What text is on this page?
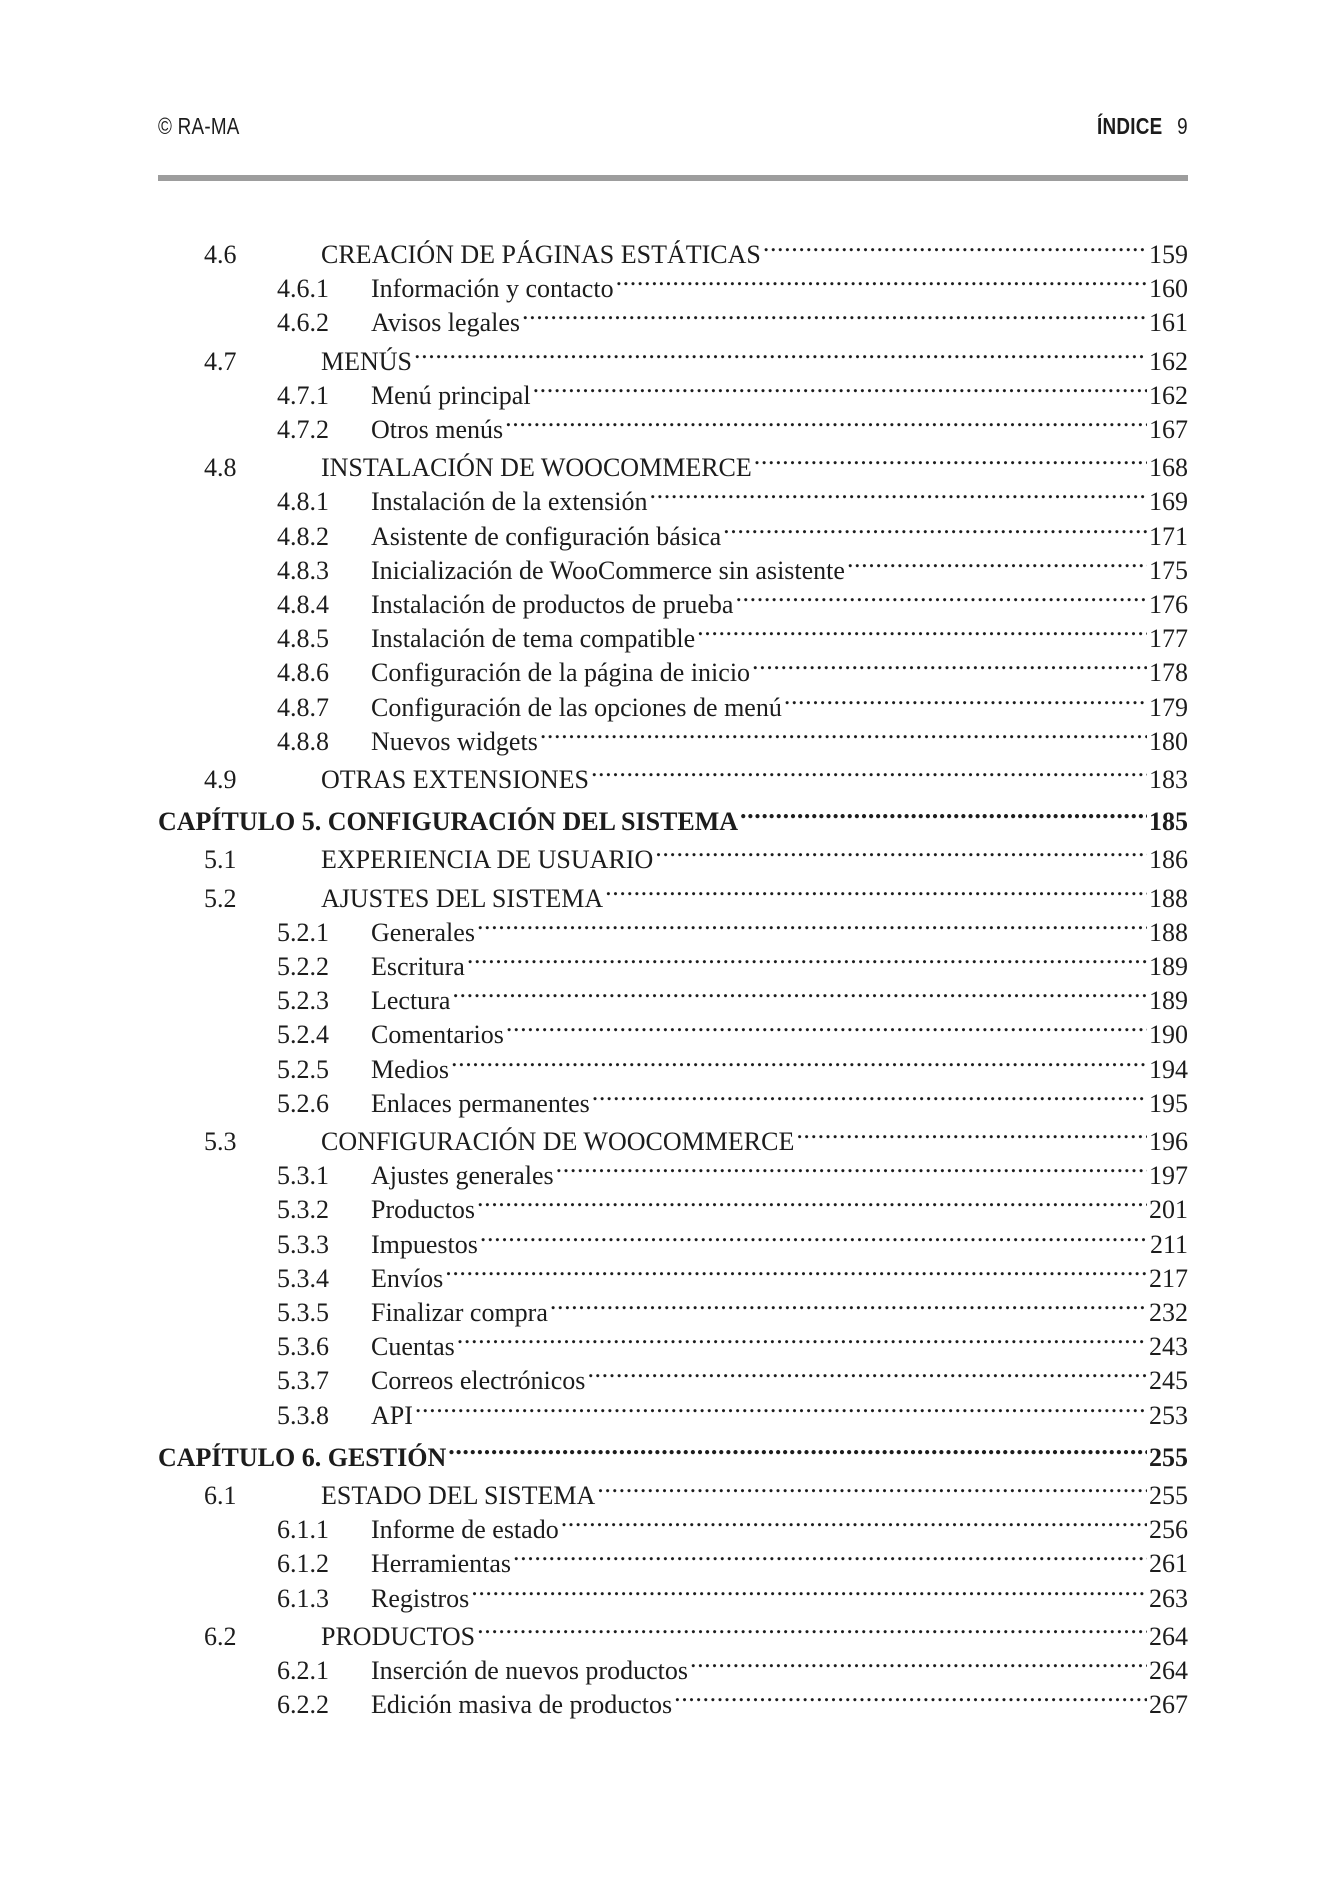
© RA-MA	ÍNDICE 9
4.6	CREACIÓN DE PÁGINAS ESTÁTICAS .....	159
4.6.1	Información y contacto .....	160
4.6.2	Avisos legales .....	161
4.7	MENÚS .....	162
4.7.1	Menú principal .....	162
4.7.2	Otros menús .....	167
4.8	INSTALACIÓN DE WOOCOMMERCE .....	168
4.8.1	Instalación de la extensión .....	169
4.8.2	Asistente de configuración básica .....	171
4.8.3	Inicialización de WooCommerce sin asistente .....	175
4.8.4	Instalación de productos de prueba .....	176
4.8.5	Instalación de tema compatible .....	177
4.8.6	Configuración de la página de inicio .....	178
4.8.7	Configuración de las opciones de menú .....	179
4.8.8	Nuevos widgets .....	180
4.9	OTRAS EXTENSIONES .....	183
CAPÍTULO 5. CONFIGURACIÓN DEL SISTEMA .....	185
5.1	EXPERIENCIA DE USUARIO .....	186
5.2	AJUSTES DEL SISTEMA .....	188
5.2.1	Generales .....	188
5.2.2	Escritura .....	189
5.2.3	Lectura .....	189
5.2.4	Comentarios .....	190
5.2.5	Medios .....	194
5.2.6	Enlaces permanentes .....	195
5.3	CONFIGURACIÓN DE WOOCOMMERCE .....	196
5.3.1	Ajustes generales .....	197
5.3.2	Productos .....	201
5.3.3	Impuestos .....	211
5.3.4	Envíos .....	217
5.3.5	Finalizar compra .....	232
5.3.6	Cuentas .....	243
5.3.7	Correos electrónicos .....	245
5.3.8	API .....	253
CAPÍTULO 6. GESTIÓN .....	255
6.1	ESTADO DEL SISTEMA .....	255
6.1.1	Informe de estado .....	256
6.1.2	Herramientas .....	261
6.1.3	Registros .....	263
6.2	PRODUCTOS .....	264
6.2.1	Inserción de nuevos productos .....	264
6.2.2	Edición masiva de productos .....	267
